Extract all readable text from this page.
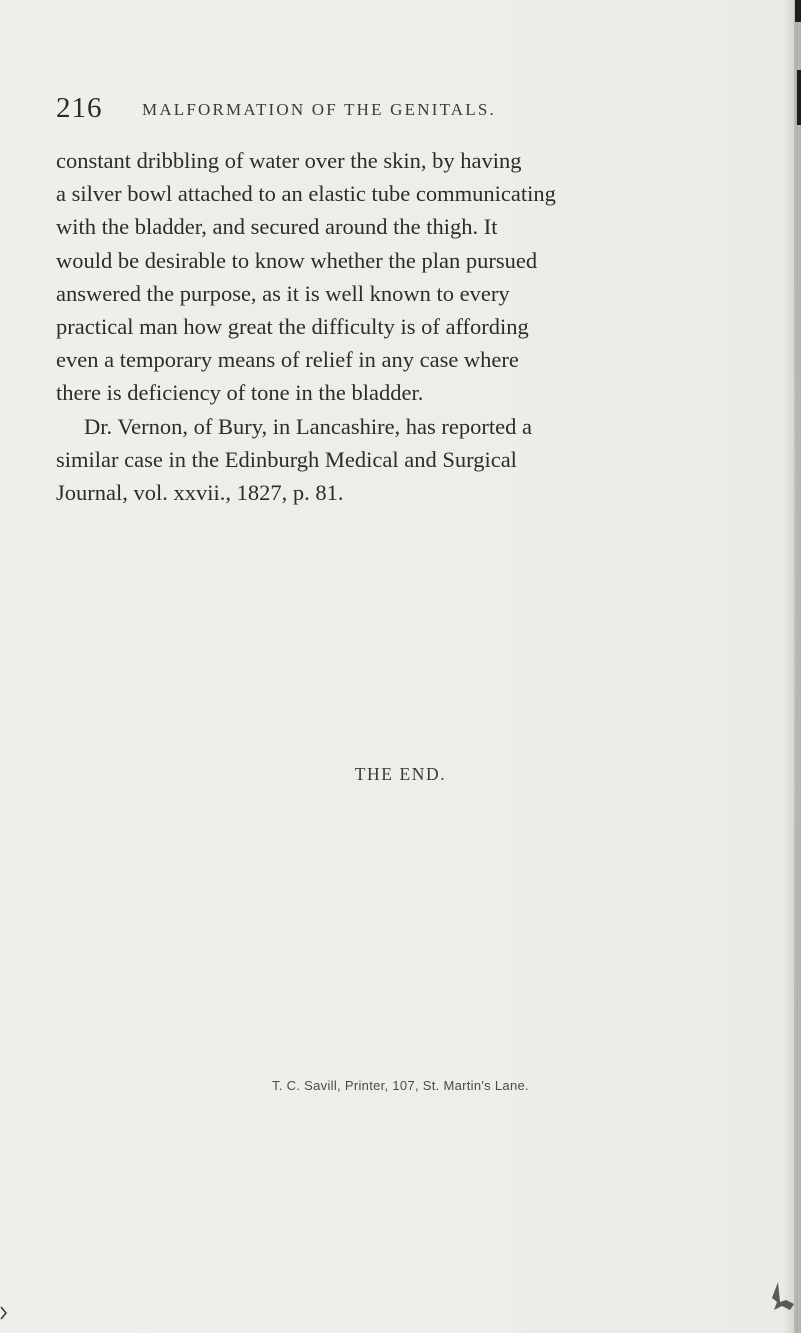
216 MALFORMATION OF THE GENITALS.

constant dribbling of water over the skin, by having
a silver bowl attached to an elastic tube communicating
with the bladder, and secured around the thigh. It
would be desirable to know whether the plan pursued
answered the purpose, as it is well known to every
practical man how great the difficulty is of affording
even a temporary means of relief in any case where
there is deficiency of tone in the bladder.

Dr. Vernon, of Bury, in Lancashire, has reported a
similar case in the Edinburgh Medical and Surgical
Journal, vol. xxvii., 1827, p. 81.

THE END.
T. C. Savill, Printer, 107, St. Martin's Lane.
